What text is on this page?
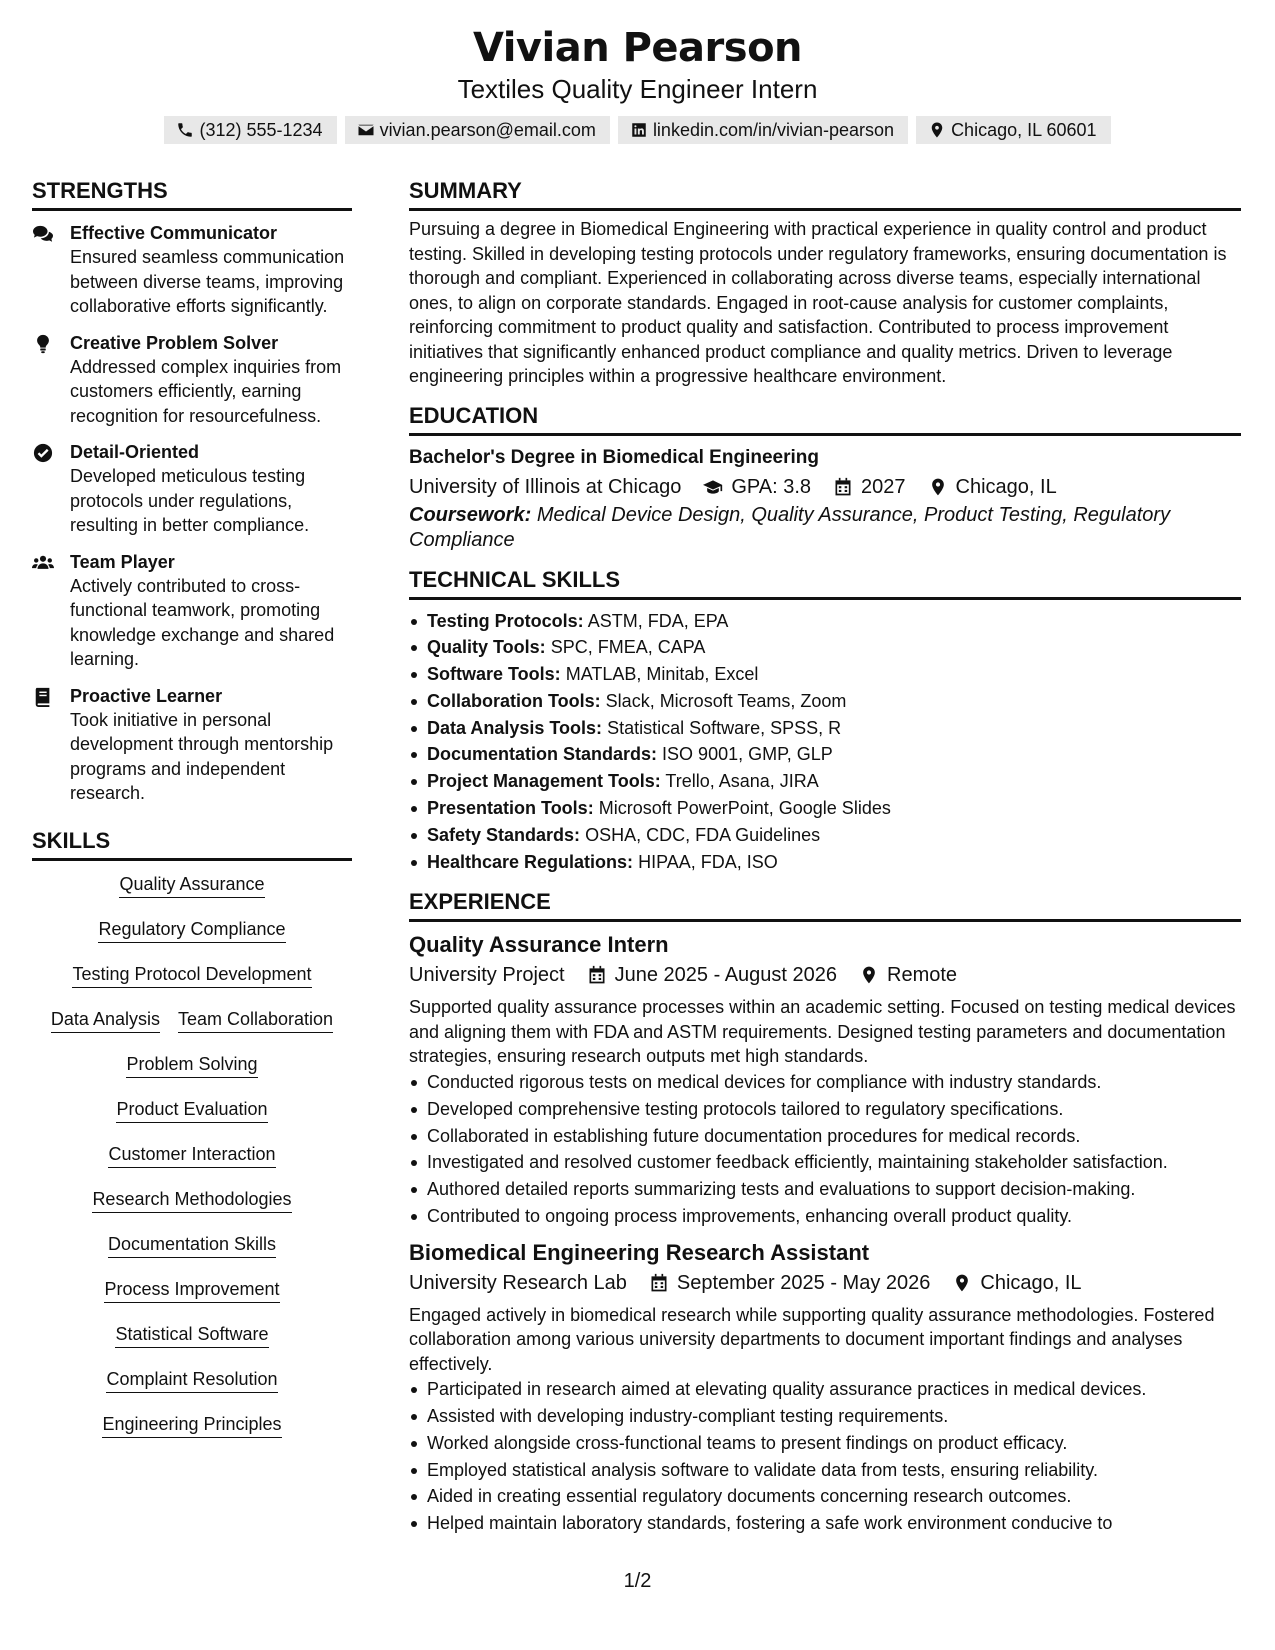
Vivian Pearson
Textiles Quality Engineer Intern
(312) 555-1234	vivian.pearson@email.com	linkedin.com/in/vivian-pearson	Chicago, IL 60601
STRENGTHS
Effective Communicator
Ensured seamless communication between diverse teams, improving collaborative efforts significantly.
Creative Problem Solver
Addressed complex inquiries from customers efficiently, earning recognition for resourcefulness.
Detail-Oriented
Developed meticulous testing protocols under regulations, resulting in better compliance.
Team Player
Actively contributed to cross-functional teamwork, promoting knowledge exchange and shared learning.
Proactive Learner
Took initiative in personal development through mentorship programs and independent research.
SKILLS
Quality Assurance
Regulatory Compliance
Testing Protocol Development
Data Analysis Team Collaboration
Problem Solving
Product Evaluation
Customer Interaction
Research Methodologies
Documentation Skills
Process Improvement
Statistical Software
Complaint Resolution
Engineering Principles
SUMMARY
Pursuing a degree in Biomedical Engineering with practical experience in quality control and product testing. Skilled in developing testing protocols under regulatory frameworks, ensuring documentation is thorough and compliant. Experienced in collaborating across diverse teams, especially international ones, to align on corporate standards. Engaged in root-cause analysis for customer complaints, reinforcing commitment to product quality and satisfaction. Contributed to process improvement initiatives that significantly enhanced product compliance and quality metrics. Driven to leverage engineering principles within a progressive healthcare environment.
EDUCATION
Bachelor's Degree in Biomedical Engineering
University of Illinois at Chicago	GPA: 3.8	2027	Chicago, IL
Coursework: Medical Device Design, Quality Assurance, Product Testing, Regulatory Compliance
TECHNICAL SKILLS
Testing Protocols: ASTM, FDA, EPA
Quality Tools: SPC, FMEA, CAPA
Software Tools: MATLAB, Minitab, Excel
Collaboration Tools: Slack, Microsoft Teams, Zoom
Data Analysis Tools: Statistical Software, SPSS, R
Documentation Standards: ISO 9001, GMP, GLP
Project Management Tools: Trello, Asana, JIRA
Presentation Tools: Microsoft PowerPoint, Google Slides
Safety Standards: OSHA, CDC, FDA Guidelines
Healthcare Regulations: HIPAA, FDA, ISO
EXPERIENCE
Quality Assurance Intern
University Project	June 2025 - August 2026	Remote
Supported quality assurance processes within an academic setting. Focused on testing medical devices and aligning them with FDA and ASTM requirements. Designed testing parameters and documentation strategies, ensuring research outputs met high standards.
Conducted rigorous tests on medical devices for compliance with industry standards.
Developed comprehensive testing protocols tailored to regulatory specifications.
Collaborated in establishing future documentation procedures for medical records.
Investigated and resolved customer feedback efficiently, maintaining stakeholder satisfaction.
Authored detailed reports summarizing tests and evaluations to support decision-making.
Contributed to ongoing process improvements, enhancing overall product quality.
Biomedical Engineering Research Assistant
University Research Lab	September 2025 - May 2026	Chicago, IL
Engaged actively in biomedical research while supporting quality assurance methodologies. Fostered collaboration among various university departments to document important findings and analyses effectively.
Participated in research aimed at elevating quality assurance practices in medical devices.
Assisted with developing industry-compliant testing requirements.
Worked alongside cross-functional teams to present findings on product efficacy.
Employed statistical analysis software to validate data from tests, ensuring reliability.
Aided in creating essential regulatory documents concerning research outcomes.
Helped maintain laboratory standards, fostering a safe work environment conducive to
1/2
